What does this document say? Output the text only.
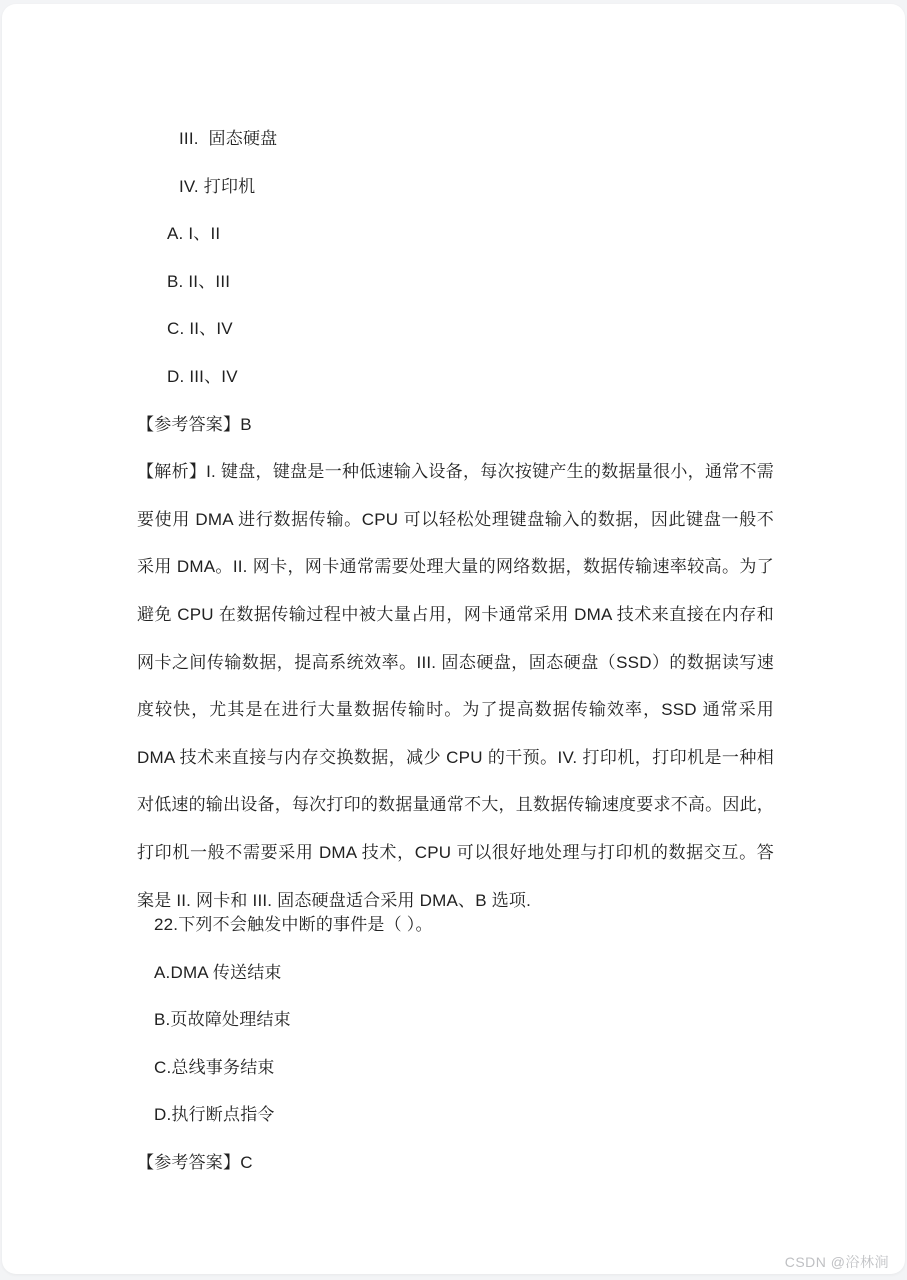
III.  固态硬盘
IV. 打印机
A. I、II
B. II、III
C. II、IV
D. III、IV
【参考答案】B
【解析】I. 键盘，键盘是一种低速输入设备，每次按键产生的数据量很小，通常不需要使用 DMA 进行数据传输。CPU 可以轻松处理键盘输入的数据，因此键盘一般不采用 DMA。II. 网卡，网卡通常需要处理大量的网络数据，数据传输速率较高。为了避免 CPU 在数据传输过程中被大量占用，网卡通常采用 DMA 技术来直接在内存和网卡之间传输数据，提高系统效率。III. 固态硬盘，固态硬盘（SSD）的数据读写速度较快，尤其是在进行大量数据传输时。为了提高数据传输效率，SSD 通常采用 DMA 技术来直接与内存交换数据，减少 CPU 的干预。IV. 打印机，打印机是一种相对低速的输出设备，每次打印的数据量通常不大，且数据传输速度要求不高。因此，打印机一般不需要采用 DMA 技术，CPU 可以很好地处理与打印机的数据交互。答案是 II. 网卡和 III. 固态硬盘适合采用 DMA、B 选项.
22.下列不会触发中断的事件是（ ）。
A.DMA 传送结束
B.页故障处理结束
C.总线事务结束
D.执行断点指令
【参考答案】C
CSDN @浴林涧
